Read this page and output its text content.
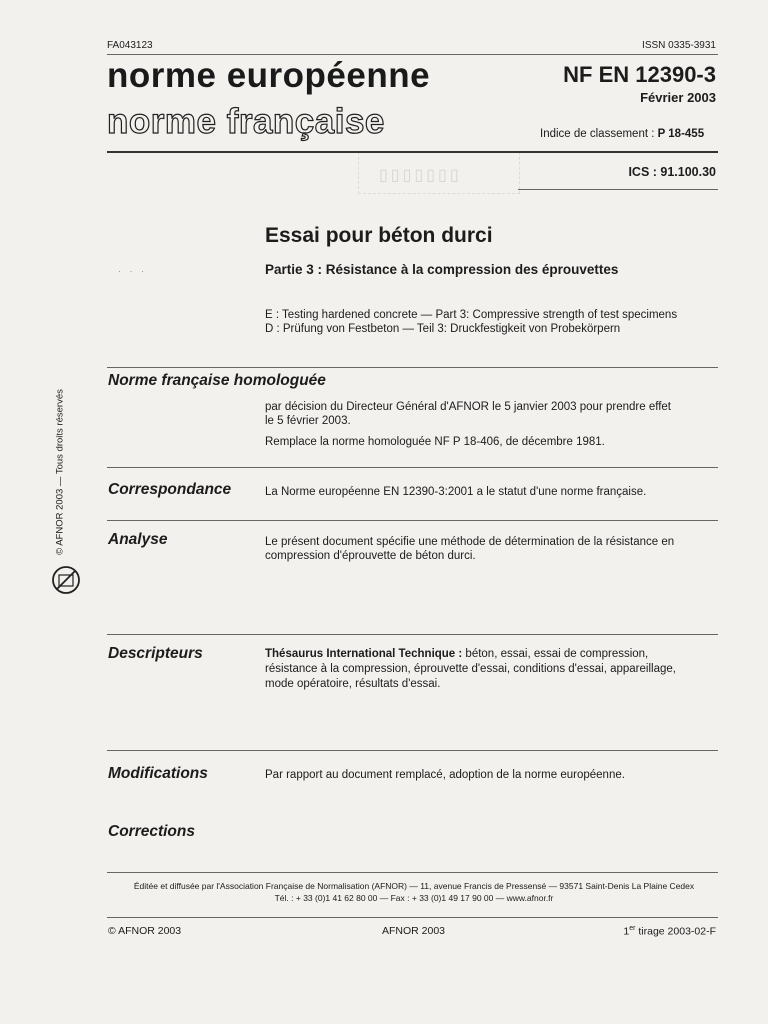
FA043123	ISSN 0335-3931
norme européenne
norme française
NF EN 12390-3
Février 2003
Indice de classement : P 18-455
▯▯▯▯▯▯▯	ICS : 91.100.30
Essai pour béton durci
· · ·	Partie 3 : Résistance à la compression des éprouvettes
E : Testing hardened concrete — Part 3: Compressive strength of test specimens
D : Prüfung von Festbeton — Teil 3: Druckfestigkeit von Probekörpern
© AFNOR 2003 — Tous droits réservés
Norme française homologuée
par décision du Directeur Général d'AFNOR le 5 janvier 2003 pour prendre effet
le 5 février 2003.
Remplace la norme homologuée NF P 18-406, de décembre 1981.
Correspondance	La Norme européenne EN 12390-3:2001 a le statut d'une norme française.
Analyse	Le présent document spécifie une méthode de détermination de la résistance en
compression d'éprouvette de béton durci.
Descripteurs	Thésaurus International Technique : béton, essai, essai de compression,
résistance à la compression, éprouvette d'essai, conditions d'essai, appareillage,
mode opératoire, résultats d'essai.
Modifications	Par rapport au document remplacé, adoption de la norme européenne.
Corrections
Éditée et diffusée par l'Association Française de Normalisation (AFNOR) — 11, avenue Francis de Pressensé — 93571 Saint-Denis La Plaine Cedex
Tél. : + 33 (0)1 41 62 80 00 — Fax : + 33 (0)1 49 17 90 00 — www.afnor.fr
© AFNOR 2003	AFNOR 2003	1er tirage 2003-02-F
